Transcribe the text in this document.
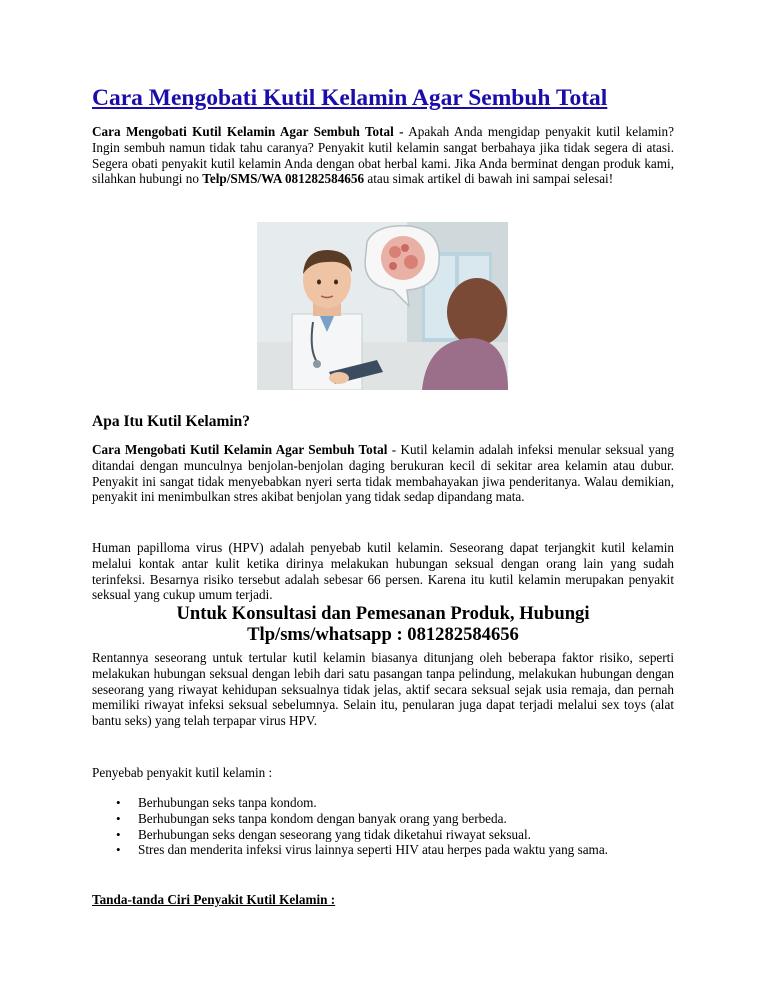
Cara Mengobati Kutil Kelamin Agar Sembuh Total

Cara Mengobati Kutil Kelamin Agar Sembuh Total - Apakah Anda mengidap penyakit kutil kelamin? Ingin sembuh namun tidak tahu caranya? Penyakit kutil kelamin sangat berbahaya jika tidak segera di atasi. Segera obati penyakit kutil kelamin Anda dengan obat herbal kami. Jika Anda berminat dengan produk kami, silahkan hubungi no Telp/SMS/WA 081282584656 atau simak artikel di bawah ini sampai selesai!

Apa Itu Kutil Kelamin?

Cara Mengobati Kutil Kelamin Agar Sembuh Total - Kutil kelamin adalah infeksi menular seksual yang ditandai dengan munculnya benjolan-benjolan daging berukuran kecil di sekitar area kelamin atau dubur. Penyakit ini sangat tidak menyebabkan nyeri serta tidak membahayakan jiwa penderitanya. Walau demikian, penyakit ini menimbulkan stres akibat benjolan yang tidak sedap dipandang mata.

Human papilloma virus (HPV) adalah penyebab kutil kelamin. Seseorang dapat terjangkit kutil kelamin melalui kontak antar kulit ketika dirinya melakukan hubungan seksual dengan orang lain yang sudah terinfeksi. Besarnya risiko tersebut adalah sebesar 66 persen. Karena itu kutil kelamin merupakan penyakit seksual yang cukup umum terjadi.

Untuk Konsultasi dan Pemesanan Produk, Hubungi
Tlp/sms/whatsapp : 081282584656

Rentannya seseorang untuk tertular kutil kelamin biasanya ditunjang oleh beberapa faktor risiko, seperti melakukan hubungan seksual dengan lebih dari satu pasangan tanpa pelindung, melakukan hubungan dengan seseorang yang riwayat kehidupan seksualnya tidak jelas, aktif secara seksual sejak usia remaja, dan pernah memiliki riwayat infeksi seksual sebelumnya. Selain itu, penularan juga dapat terjadi melalui sex toys (alat bantu seks) yang telah terpapar virus HPV.

Penyebab penyakit kutil kelamin :

• Berhubungan seks tanpa kondom.
• Berhubungan seks tanpa kondom dengan banyak orang yang berbeda.
• Berhubungan seks dengan seseorang yang tidak diketahui riwayat seksual.
• Stres dan menderita infeksi virus lainnya seperti HIV atau herpes pada waktu yang sama.

Tanda-tanda Ciri Penyakit Kutil Kelamin :
